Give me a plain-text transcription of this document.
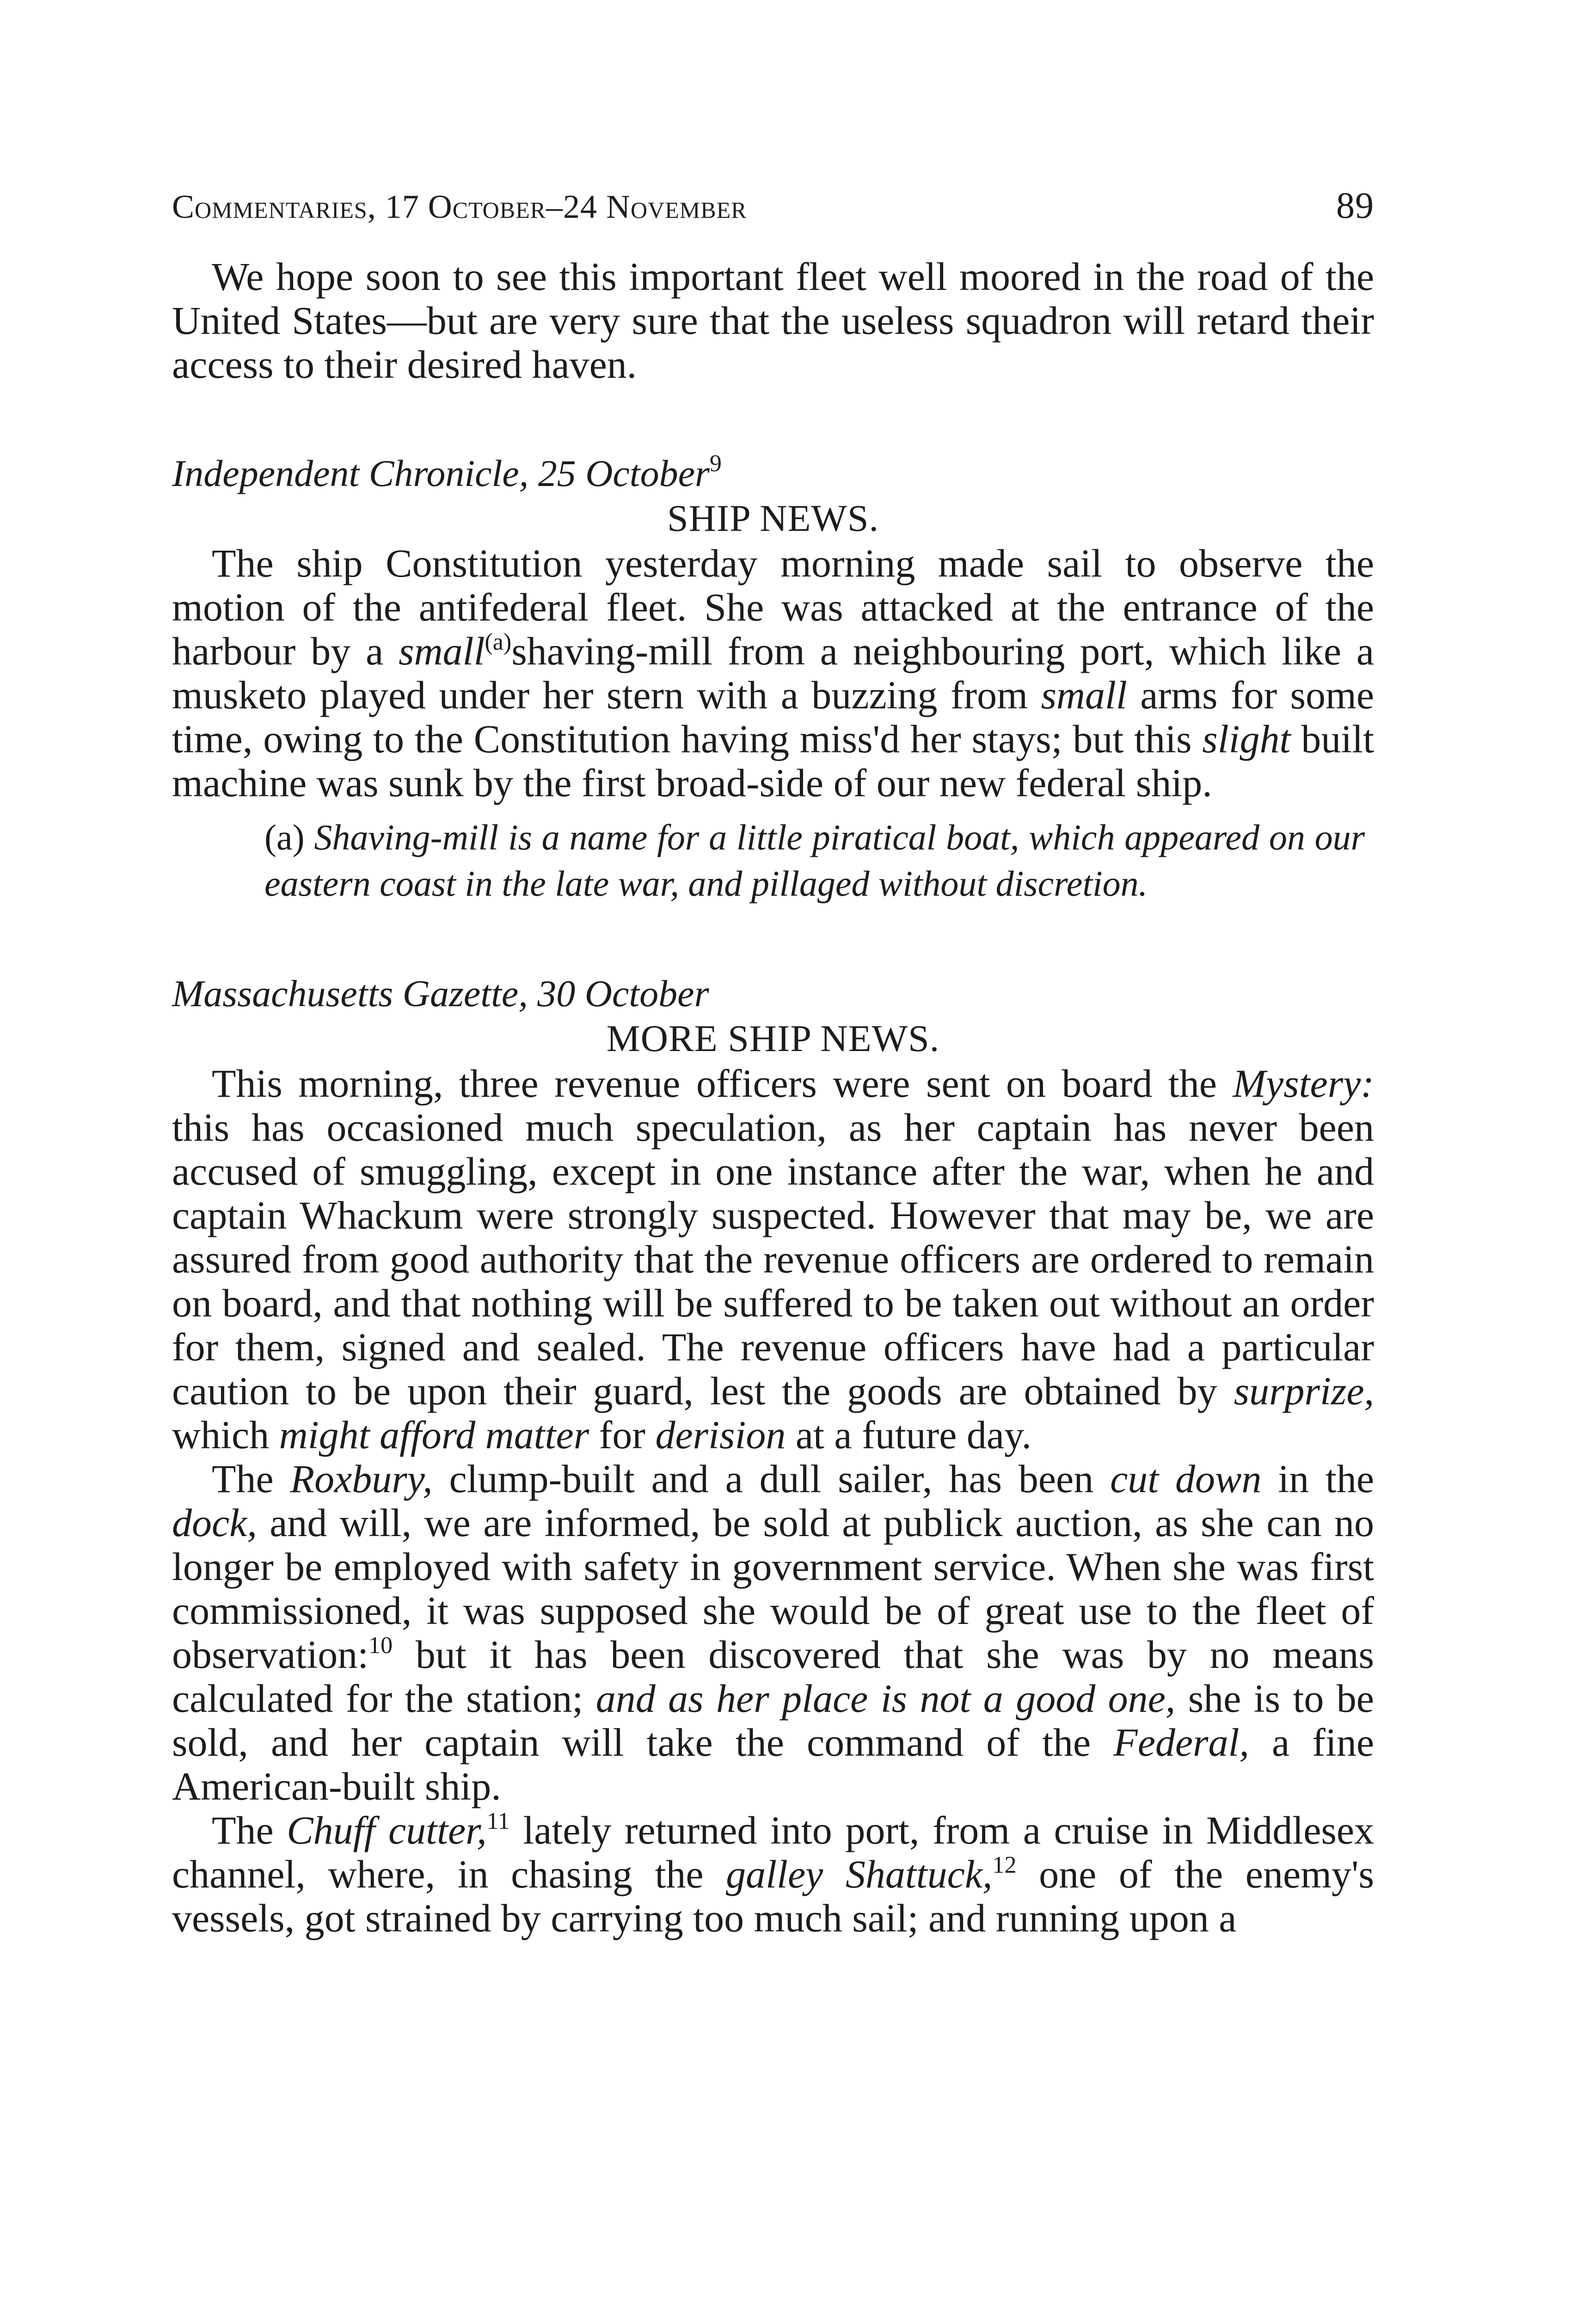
Commentaries, 17 October–24 November	89

We hope soon to see this important fleet well moored in the road of the United States—but are very sure that the useless squadron will retard their access to their desired haven.

Independent Chronicle, 25 October$^9$

SHIP NEWS.

The ship Constitution yesterday morning made sail to observe the motion of the antifederal fleet. She was attacked at the entrance of the harbour by a small$^{(a)}$shaving-mill from a neighbouring port, which like a musketo played under her stern with a buzzing from small arms for some time, owing to the Constitution having miss'd her stays; but this slight built machine was sunk by the first broad-side of our new federal ship.

(a) Shaving-mill is a name for a little piratical boat, which appeared on our eastern coast in the late war, and pillaged without discretion.

Massachusetts Gazette, 30 October

MORE SHIP NEWS.

This morning, three revenue officers were sent on board the Mystery: this has occasioned much speculation, as her captain has never been accused of smuggling, except in one instance after the war, when he and captain Whackum were strongly suspected. However that may be, we are assured from good authority that the revenue officers are ordered to remain on board, and that nothing will be suffered to be taken out without an order for them, signed and sealed. The revenue officers have had a particular caution to be upon their guard, lest the goods are obtained by surprize, which might afford matter for derision at a future day.

The Roxbury, clump-built and a dull sailer, has been cut down in the dock, and will, we are informed, be sold at publick auction, as she can no longer be employed with safety in government service. When she was first commissioned, it was supposed she would be of great use to the fleet of observation:$^{10}$ but it has been discovered that she was by no means calculated for the station; and as her place is not a good one, she is to be sold, and her captain will take the command of the Federal, a fine American-built ship.

The Chuff cutter,$^{11}$ lately returned into port, from a cruise in Middlesex channel, where, in chasing the galley Shattuck,$^{12}$ one of the enemy's vessels, got strained by carrying too much sail; and running upon a
